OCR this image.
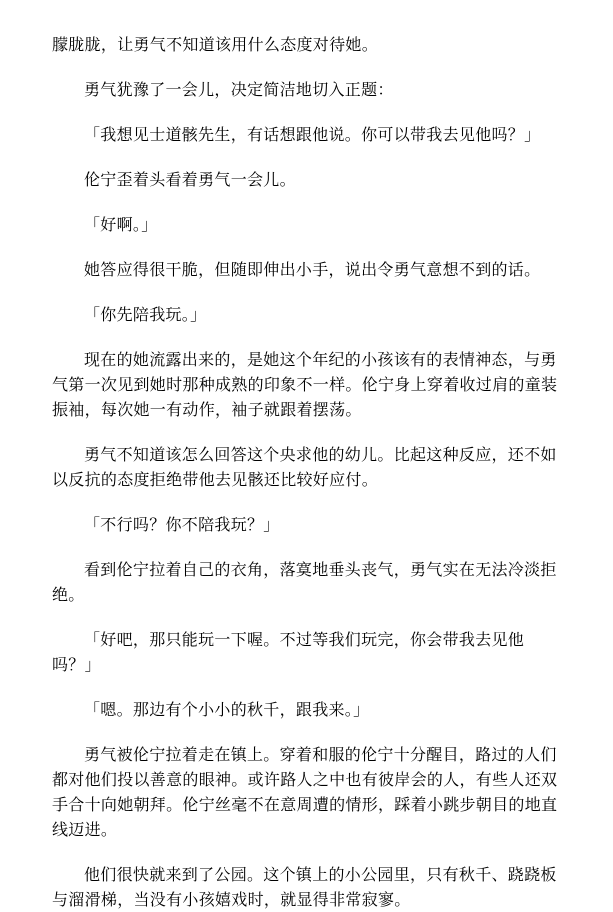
朦胧胧，让勇气不知道该用什么态度对待她。

勇气犹豫了一会儿，决定简洁地切入正题：

「我想见士道骸先生，有话想跟他说。你可以带我去见他吗？」

伦宁歪着头看着勇气一会儿。

「好啊。」

她答应得很干脆，但随即伸出小手，说出令勇气意想不到的话。

「你先陪我玩。」

现在的她流露出来的，是她这个年纪的小孩该有的表情神态，与勇气第一次见到她时那种成熟的印象不一样。伦宁身上穿着收过肩的童装振袖，每次她一有动作，袖子就跟着摆荡。

勇气不知道该怎么回答这个央求他的幼儿。比起这种反应，还不如以反抗的态度拒绝带他去见骸还比较好应付。

「不行吗？你不陪我玩？」

看到伦宁拉着自己的衣角，落寞地垂头丧气，勇气实在无法冷淡拒绝。

「好吧，那只能玩一下喔。不过等我们玩完，你会带我去见他吗？」

「嗯。那边有个小小的秋千，跟我来。」

勇气被伦宁拉着走在镇上。穿着和服的伦宁十分醒目，路过的人们都对他们投以善意的眼神。或许路人之中也有彼岸会的人，有些人还双手合十向她朝拜。伦宁丝毫不在意周遭的情形，踩着小跳步朝目的地直线迈进。

他们很快就来到了公园。这个镇上的小公园里，只有秋千、跷跷板与溜滑梯，当没有小孩嬉戏时，就显得非常寂寥。
